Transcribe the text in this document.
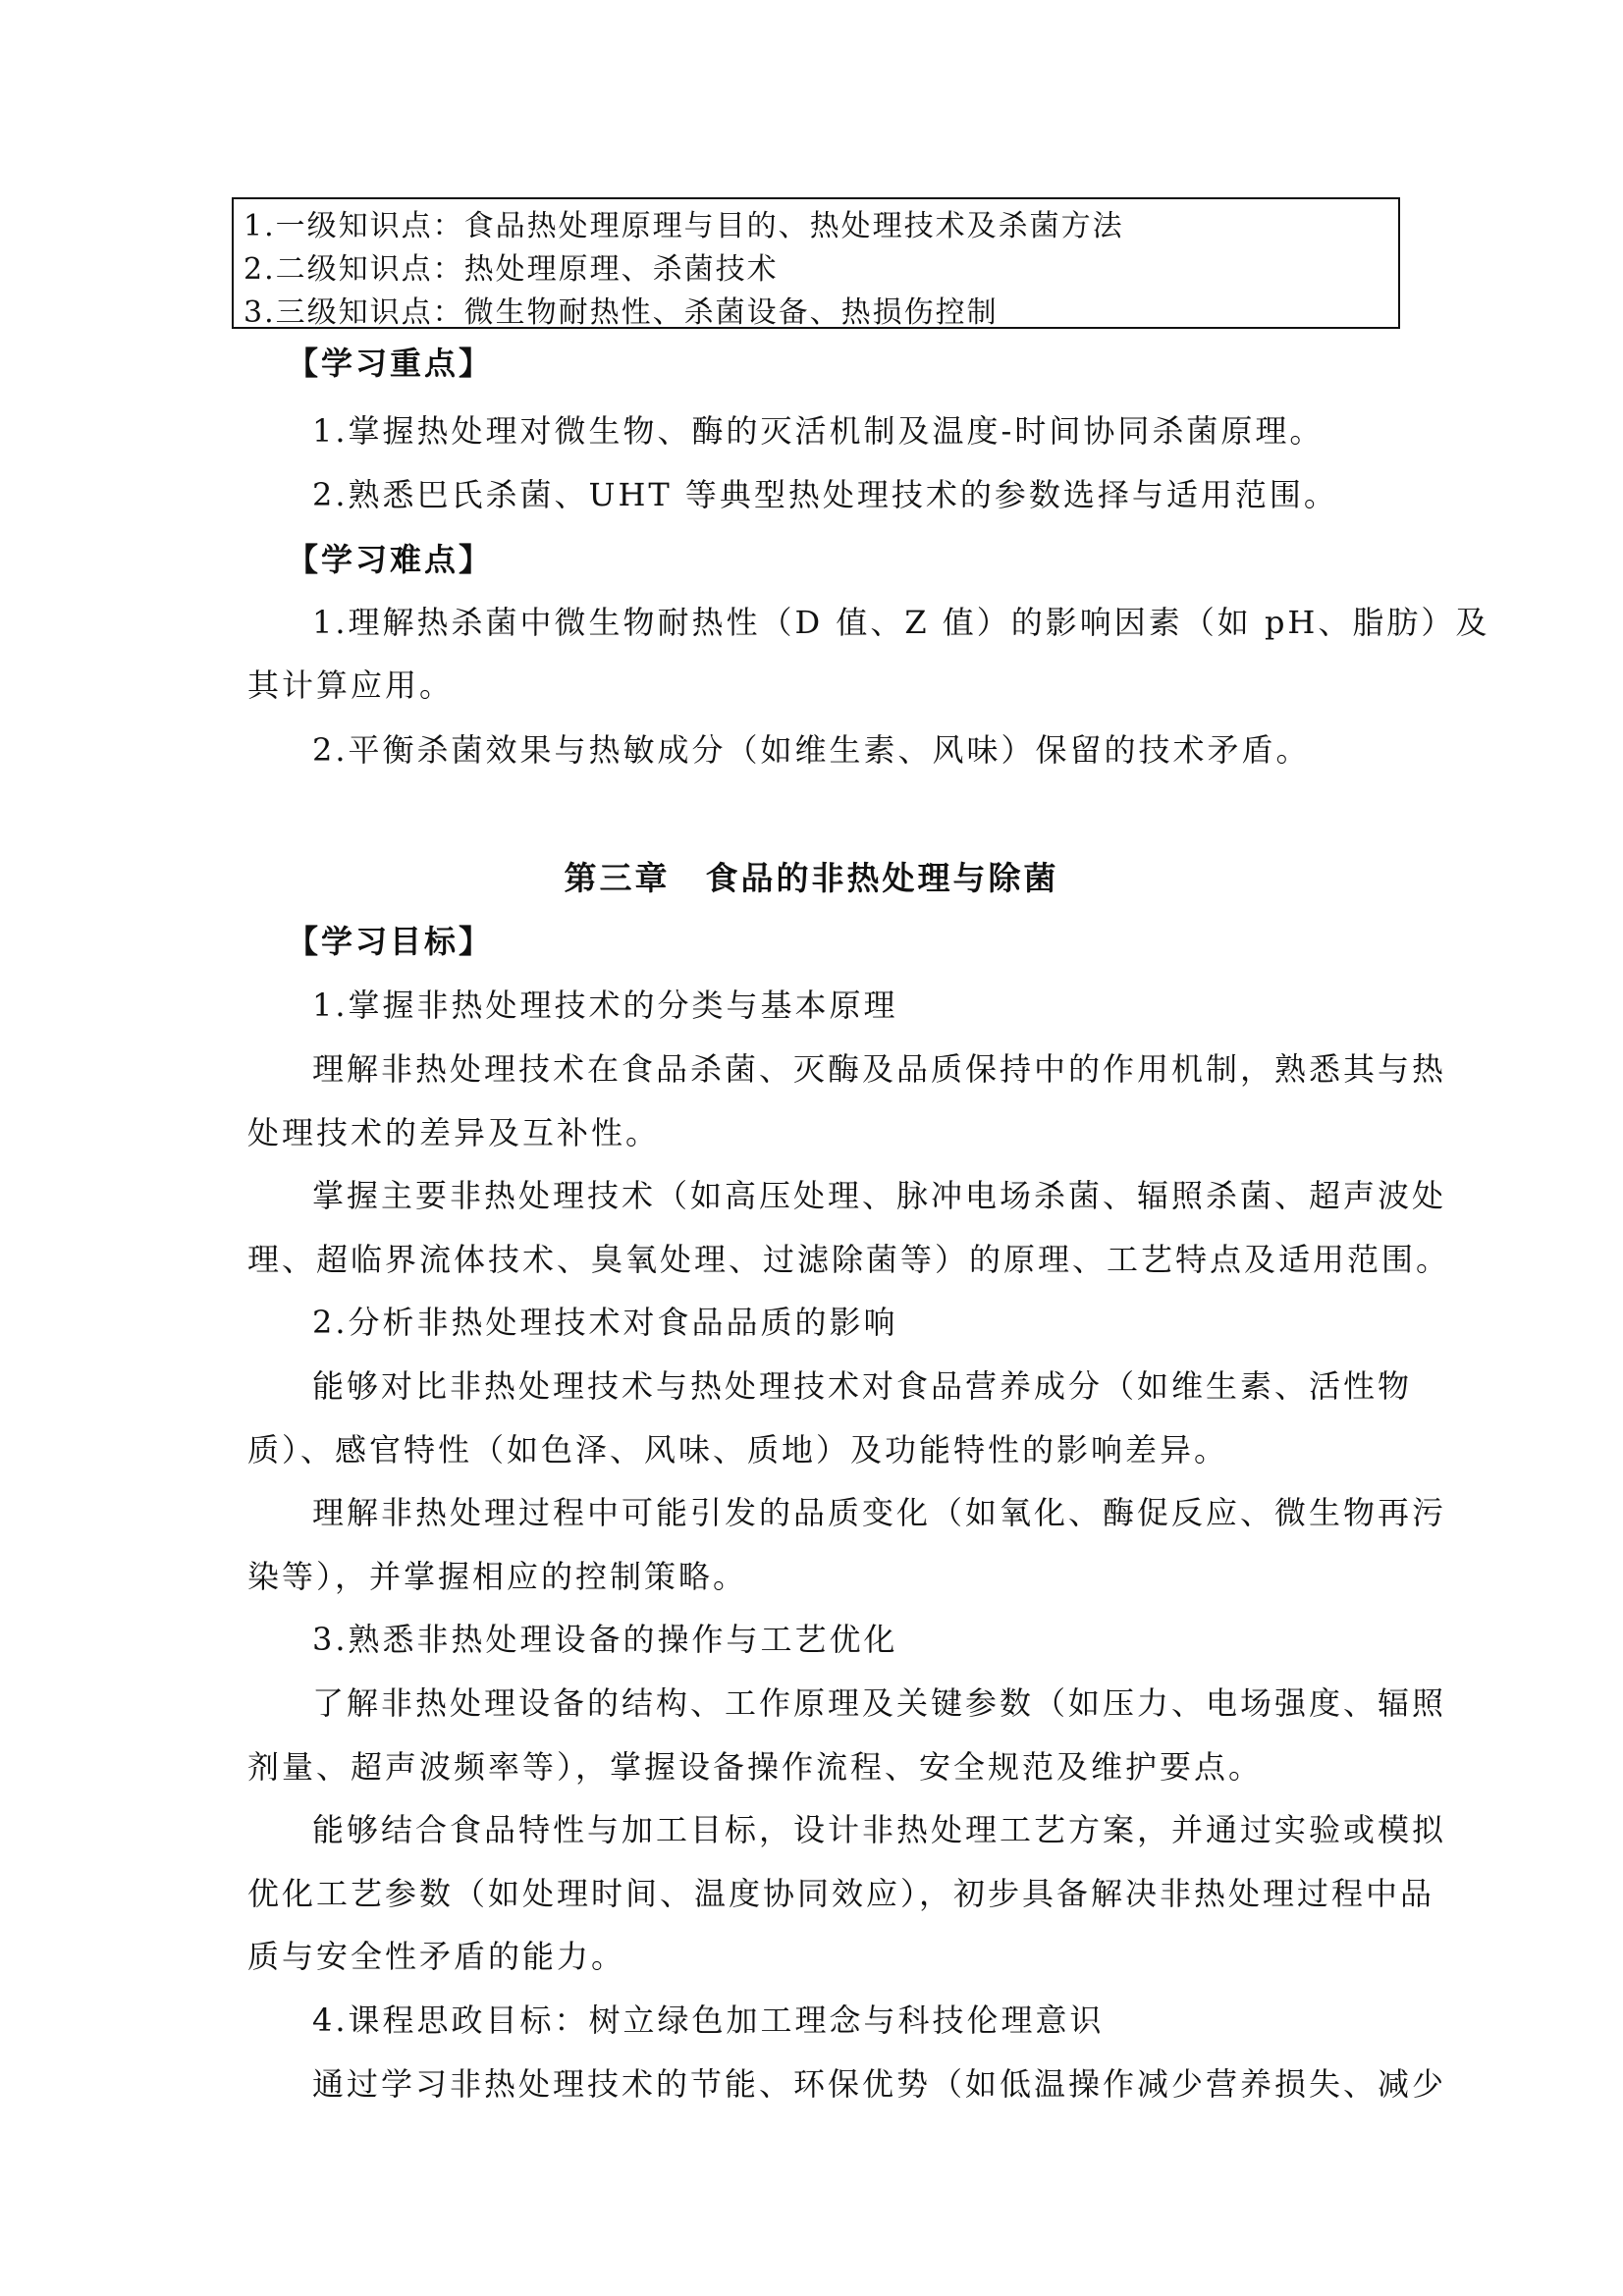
1.一级知识点：食品热处理原理与目的、热处理技术及杀菌方法
2.二级知识点：热处理原理、杀菌技术
3.三级知识点：微生物耐热性、杀菌设备、热损伤控制
【学习重点】
1.掌握热处理对微生物、酶的灭活机制及温度-时间协同杀菌原理。
2.熟悉巴氏杀菌、UHT 等典型热处理技术的参数选择与适用范围。
【学习难点】
1.理解热杀菌中微生物耐热性（D 值、Z 值）的影响因素（如 pH、脂肪）及
其计算应用。
2.平衡杀菌效果与热敏成分（如维生素、风味）保留的技术矛盾。
第三章　食品的非热处理与除菌
【学习目标】
1.掌握非热处理技术的分类与基本原理
理解非热处理技术在食品杀菌、灭酶及品质保持中的作用机制，熟悉其与热
处理技术的差异及互补性。
掌握主要非热处理技术（如高压处理、脉冲电场杀菌、辐照杀菌、超声波处
理、超临界流体技术、臭氧处理、过滤除菌等）的原理、工艺特点及适用范围。
2.分析非热处理技术对食品品质的影响
能够对比非热处理技术与热处理技术对食品营养成分（如维生素、活性物
质）、感官特性（如色泽、风味、质地）及功能特性的影响差异。
理解非热处理过程中可能引发的品质变化（如氧化、酶促反应、微生物再污
染等），并掌握相应的控制策略。
3.熟悉非热处理设备的操作与工艺优化
了解非热处理设备的结构、工作原理及关键参数（如压力、电场强度、辐照
剂量、超声波频率等），掌握设备操作流程、安全规范及维护要点。
能够结合食品特性与加工目标，设计非热处理工艺方案，并通过实验或模拟
优化工艺参数（如处理时间、温度协同效应），初步具备解决非热处理过程中品
质与安全性矛盾的能力。
4.课程思政目标：树立绿色加工理念与科技伦理意识
通过学习非热处理技术的节能、环保优势（如低温操作减少营养损失、减少
